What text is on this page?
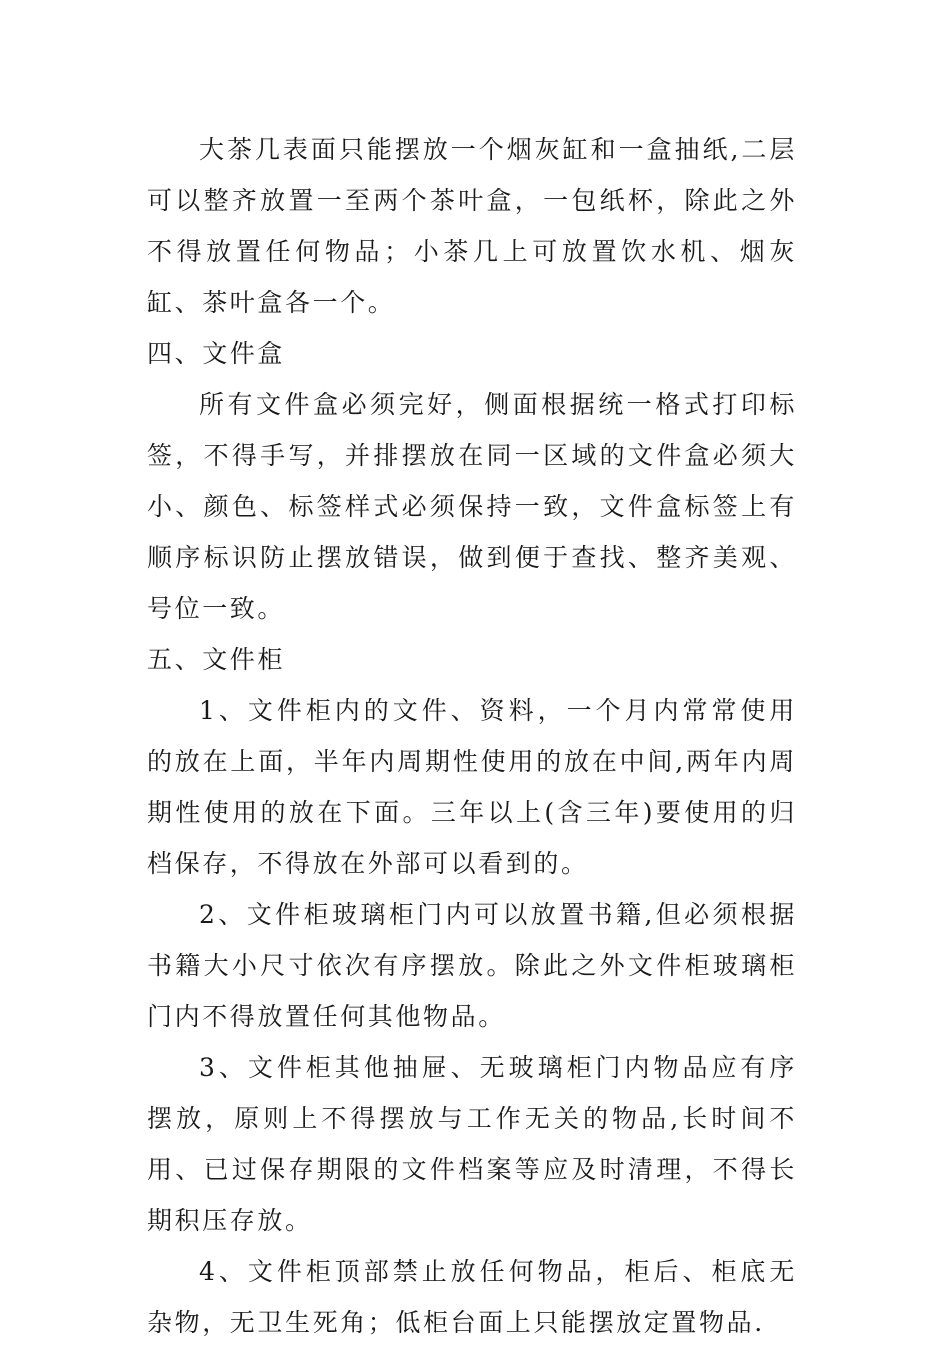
大茶几表面只能摆放一个烟灰缸和一盒抽纸,二层可以整齐放置一至两个茶叶盒，一包纸杯，除此之外不得放置任何物品；小茶几上可放置饮水机、烟灰缸、茶叶盒各一个。

四、文件盒

所有文件盒必须完好，侧面根据统一格式打印标签，不得手写，并排摆放在同一区域的文件盒必须大小、颜色、标签样式必须保持一致，文件盒标签上有顺序标识防止摆放错误，做到便于查找、整齐美观、号位一致。

五、文件柜

1、文件柜内的文件、资料，一个月内常常使用的放在上面，半年内周期性使用的放在中间,两年内周期性使用的放在下面。三年以上(含三年)要使用的归档保存，不得放在外部可以看到的。

2、文件柜玻璃柜门内可以放置书籍,但必须根据书籍大小尺寸依次有序摆放。除此之外文件柜玻璃柜门内不得放置任何其他物品。

3、文件柜其他抽屉、无玻璃柜门内物品应有序摆放，原则上不得摆放与工作无关的物品,长时间不用、已过保存期限的文件档案等应及时清理，不得长期积压存放。

4、文件柜顶部禁止放任何物品，柜后、柜底无杂物，无卫生死角；低柜台面上只能摆放定置物品.
